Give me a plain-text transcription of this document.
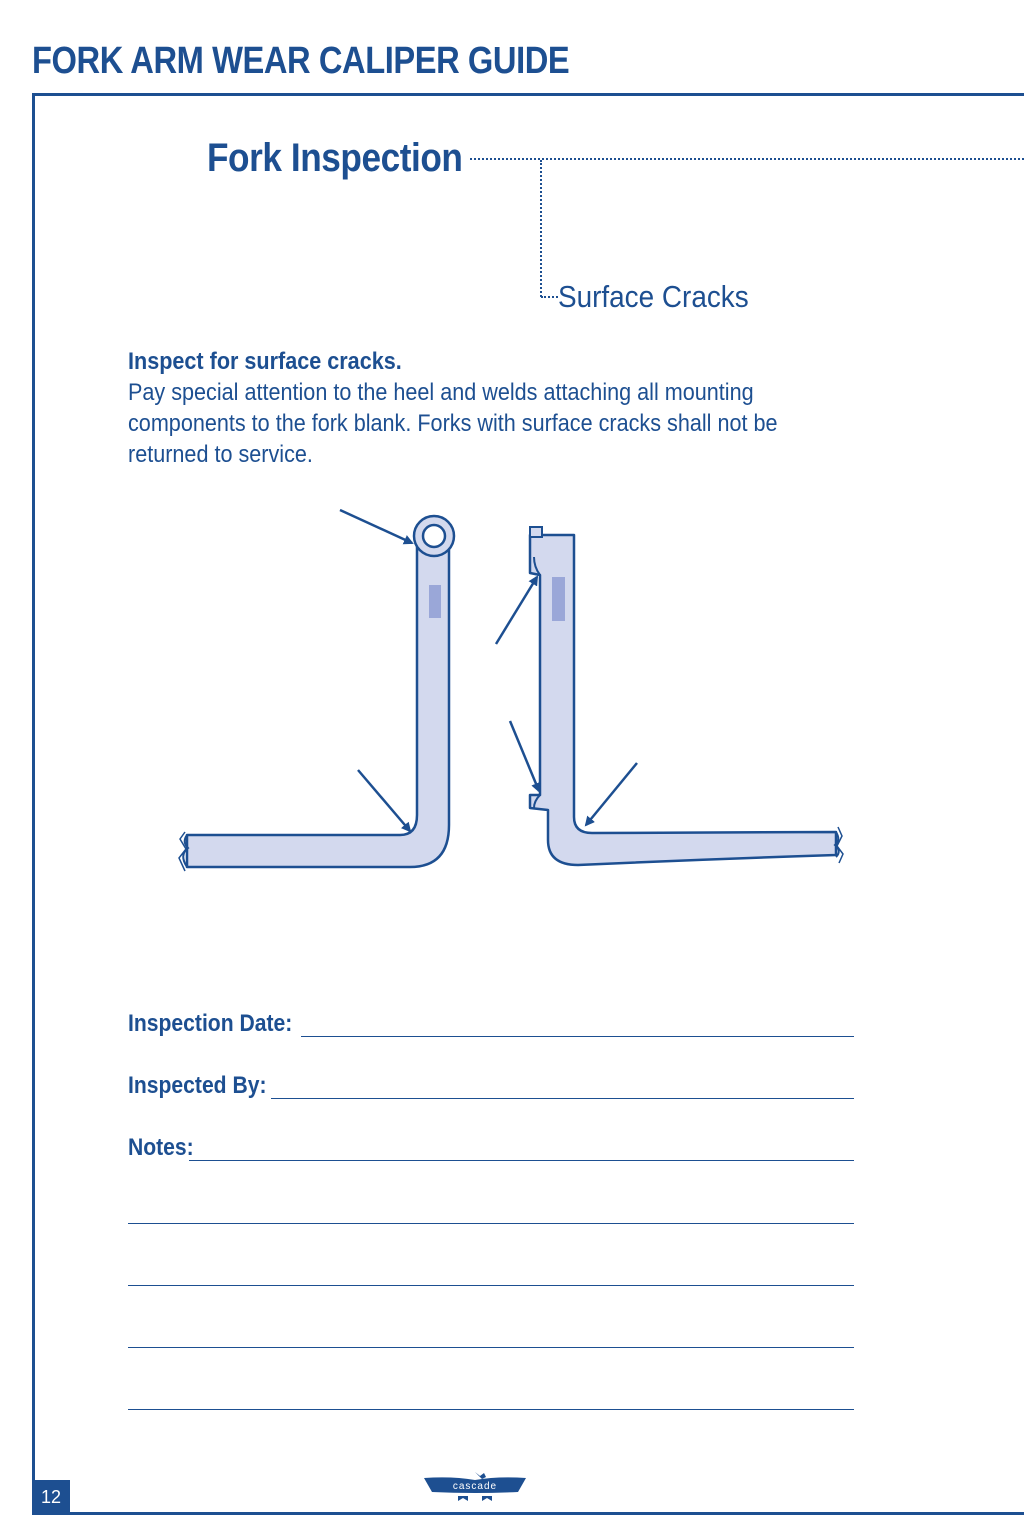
FORK ARM WEAR CALIPER GUIDE
Fork Inspection
Surface Cracks
Inspect for surface cracks.
Pay special attention to the heel and welds attaching all mounting components to the fork blank. Forks with surface cracks shall not be returned to service.
Inspection Date:
Inspected By:
Notes:
cascade
12
